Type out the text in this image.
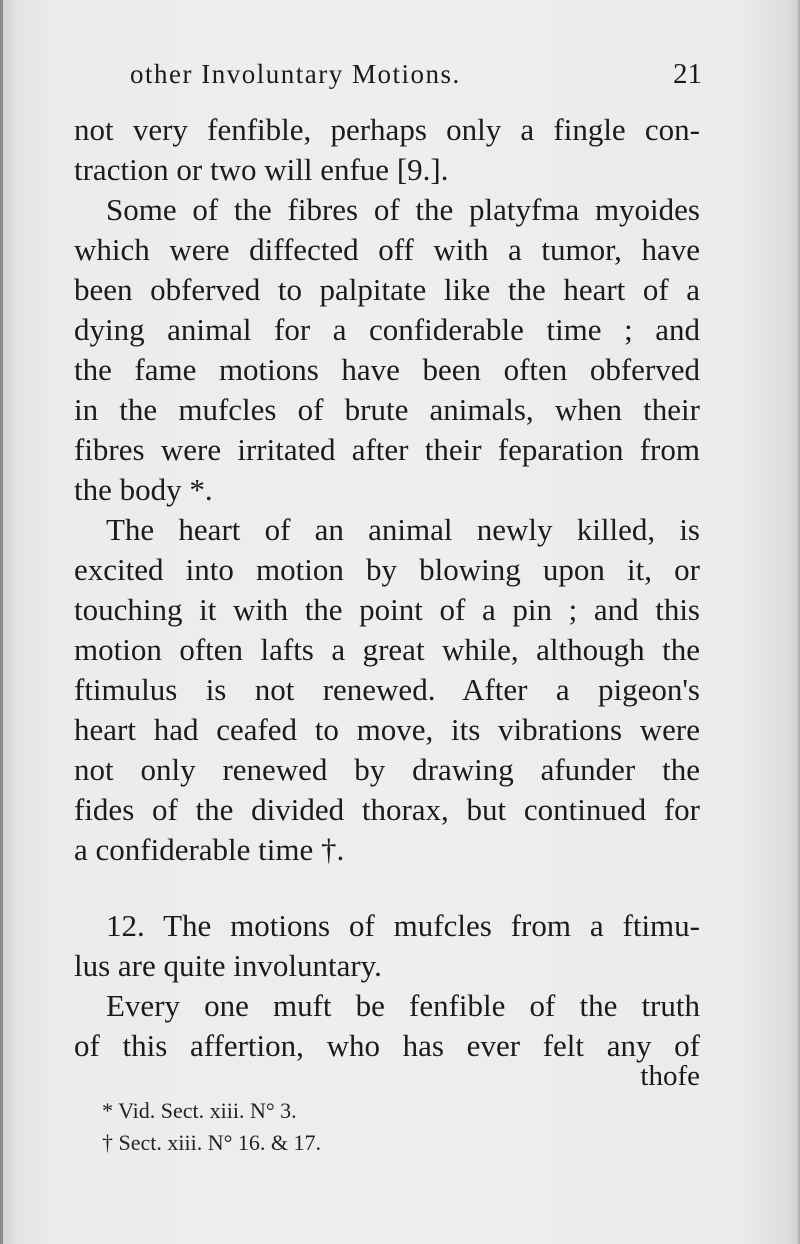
other Involuntary Motions.	21
not very fenfible, perhaps only a fingle con-
traction or two will enfue [9.].
Some of the fibres of the platyfma myoides
which were diffected off with a tumor, have
been obferved to palpitate like the heart of a
dying animal for a confiderable time ; and
the fame motions have been often obferved
in the mufcles of brute animals, when their
fibres were irritated after their feparation from
the body *.
The heart of an animal newly killed, is
excited into motion by blowing upon it, or
touching it with the point of a pin ; and this
motion often lafts a great while, although the
ftimulus is not renewed. After a pigeon's
heart had ceafed to move, its vibrations were
not only renewed by drawing afunder the
fides of the divided thorax, but continued for
a confiderable time †.
12. The motions of mufcles from a ftimu-
lus are quite involuntary.
Every one muft be fenfible of the truth
of this affertion, who has ever felt any of
thofe
* Vid. Sect. xiii. N° 3.
† Sect. xiii. N° 16. & 17.
